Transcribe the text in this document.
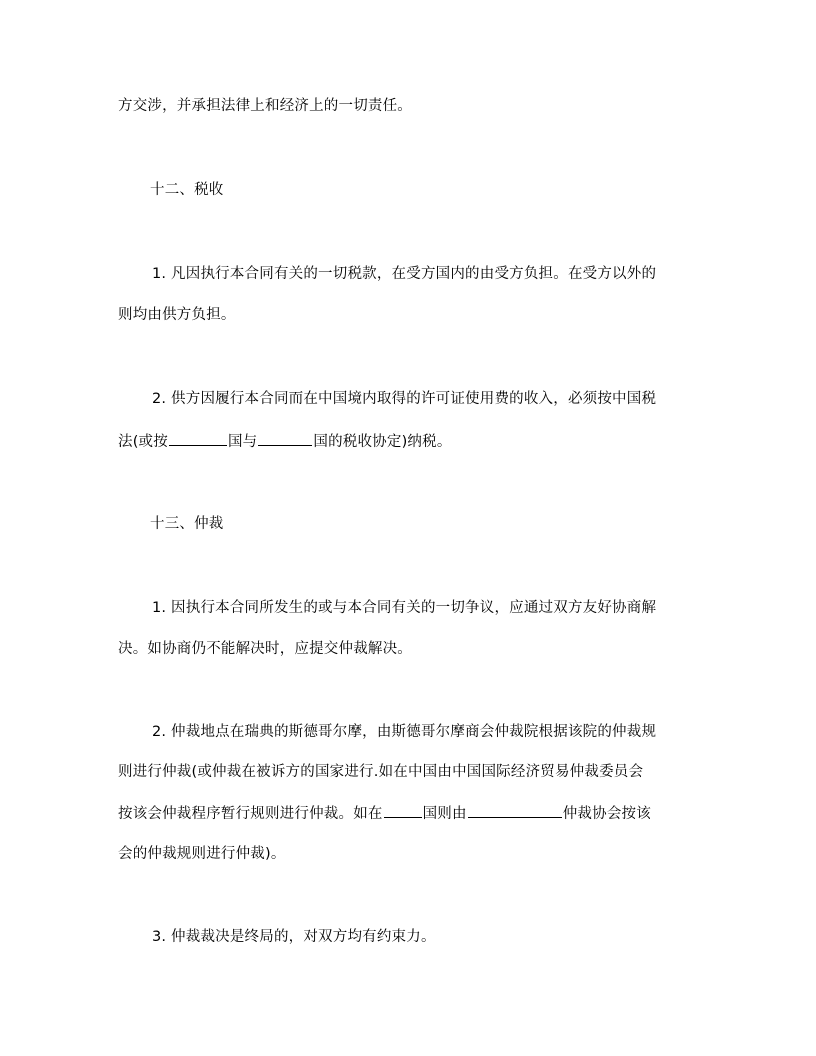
方交涉，并承担法律上和经济上的一切责任。
十二、税收
1. 凡因执行本合同有关的一切税款，在受方国内的由受方负担。在受方以外的
则均由供方负担。
2. 供方因履行本合同而在中国境内取得的许可证使用费的收入，必须按中国税
法(或按	国与	国的税收协定)纳税。
十三、仲裁
1. 因执行本合同所发生的或与本合同有关的一切争议，应通过双方友好协商解
决。如协商仍不能解决时，应提交仲裁解决。
2. 仲裁地点在瑞典的斯德哥尔摩，由斯德哥尔摩商会仲裁院根据该院的仲裁规
则进行仲裁(或仲裁在被诉方的国家进行.如在中国由中国国际经济贸易仲裁委员会
按该会仲裁程序暂行规则进行仲裁。如在	国则由	仲裁协会按该
会的仲裁规则进行仲裁)。
3. 仲裁裁决是终局的，对双方均有约束力。
